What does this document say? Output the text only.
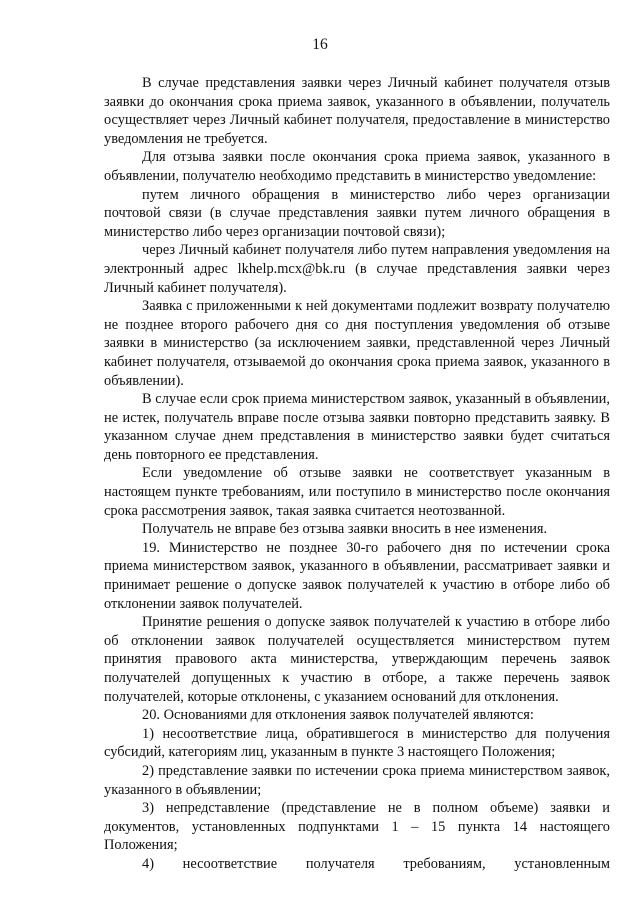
16

В случае представления заявки через Личный кабинет получателя отзыв заявки до окончания срока приема заявок, указанного в объявлении, получатель осуществляет через Личный кабинет получателя, предоставление в министерство уведомления не требуется.

Для отзыва заявки после окончания срока приема заявок, указанного в объявлении, получателю необходимо представить в министерство уведомление:

путем личного обращения в министерство либо через организации почтовой связи (в случае представления заявки путем личного обращения в министерство либо через организации почтовой связи);

через Личный кабинет получателя либо путем направления уведомления на электронный адрес lkhelp.mcx@bk.ru (в случае представления заявки через Личный кабинет получателя).

Заявка с приложенными к ней документами подлежит возврату получателю не позднее второго рабочего дня со дня поступления уведомления об отзыве заявки в министерство (за исключением заявки, представленной через Личный кабинет получателя, отзываемой до окончания срока приема заявок, указанного в объявлении).

В случае если срок приема министерством заявок, указанный в объявлении, не истек, получатель вправе после отзыва заявки повторно представить заявку. В указанном случае днем представления в министерство заявки будет считаться день повторного ее представления.

Если уведомление об отзыве заявки не соответствует указанным в настоящем пункте требованиям, или поступило в министерство после окончания срока рассмотрения заявок, такая заявка считается неотозванной.

Получатель не вправе без отзыва заявки вносить в нее изменения.

19. Министерство не позднее 30-го рабочего дня по истечении срока приема министерством заявок, указанного в объявлении, рассматривает заявки и принимает решение о допуске заявок получателей к участию в отборе либо об отклонении заявок получателей.

Принятие решения о допуске заявок получателей к участию в отборе либо об отклонении заявок получателей осуществляется министерством путем принятия правового акта министерства, утверждающим перечень заявок получателей допущенных к участию в отборе, а также перечень заявок получателей, которые отклонены, с указанием оснований для отклонения.

20. Основаниями для отклонения заявок получателей являются:

1) несоответствие лица, обратившегося в министерство для получения субсидий, категориям лиц, указанным в пункте 3 настоящего Положения;

2) представление заявки по истечении срока приема министерством заявок, указанного в объявлении;

3) непредставление (представление не в полном объеме) заявки и документов, установленных подпунктами 1 – 15 пункта 14 настоящего Положения;

4) несоответствие получателя требованиям, установленным
